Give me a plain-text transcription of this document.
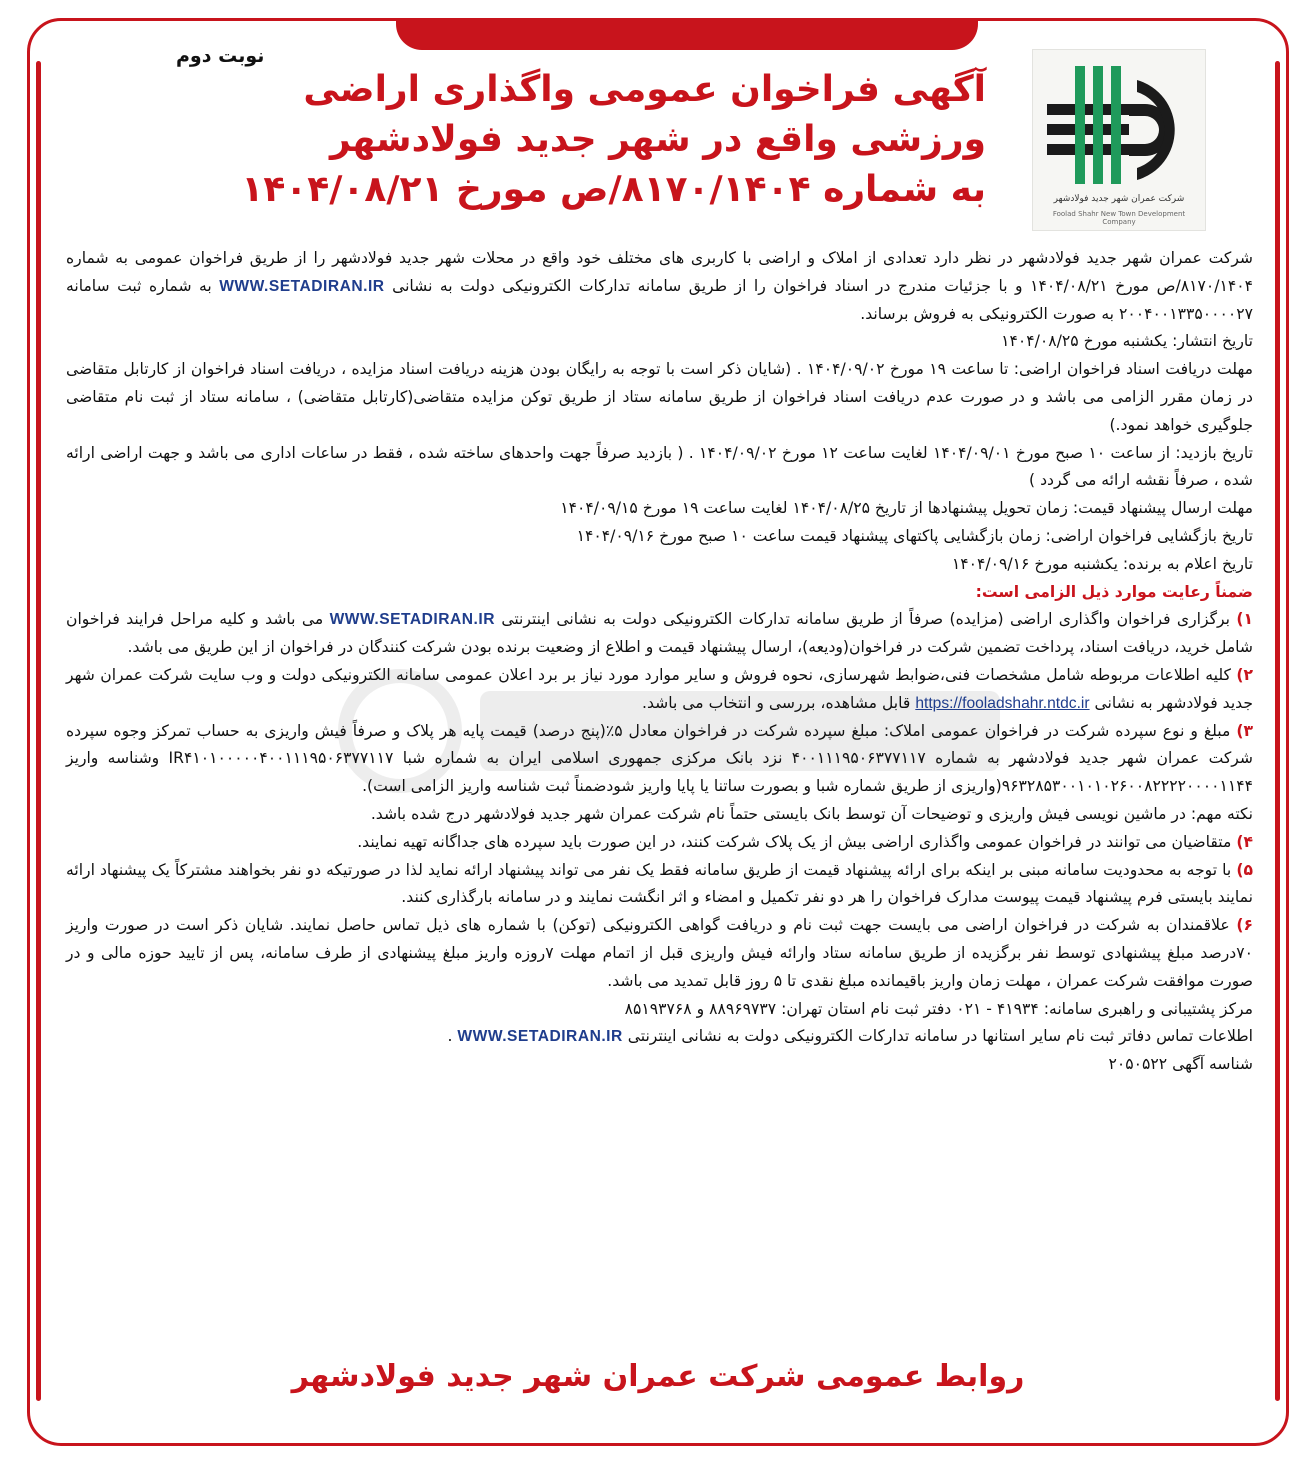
نوبت دوم

شرکت عمران شهر جدید فولادشهر

Foolad Shahr New Town Development Company

آگهی فراخوان عمومی واگذاری اراضی
ورزشی واقع در شهر جدید فولادشهر
به شماره ۸۱۷۰/۱۴۰۴/ص مورخ ۱۴۰۴/۰۸/۲۱

شرکت عمران شهر جدید فولادشهر در نظر دارد تعدادی از املاک و اراضی با کاربری های مختلف خود واقع در محلات شهر جدید فولادشهر را از طریق فراخوان عمومی به شماره ۸۱۷۰/۱۴۰۴/ص مورخ ۱۴۰۴/۰۸/۲۱ و با جزئیات مندرج در اسناد فراخوان را از طریق سامانه تدارکات الکترونیکی دولت به نشانی WWW.SETADIRAN.IR به شماره ثبت سامانه ۲۰۰۴۰۰۱۳۳۵۰۰۰۰۲۷ به صورت الکترونیکی به فروش برساند.

تاریخ انتشار: یکشنبه مورخ ۱۴۰۴/۰۸/۲۵

مهلت دریافت اسناد فراخوان اراضی: تا ساعت ۱۹ مورخ ۱۴۰۴/۰۹/۰۲ . (شایان ذکر است با توجه به رایگان بودن هزینه دریافت اسناد مزایده ، دریافت اسناد فراخوان از کارتابل متقاضی در زمان مقرر الزامی می باشد و در صورت عدم دریافت اسناد فراخوان از طریق سامانه ستاد از طریق توکن مزایده متقاضی(کارتابل متقاضی) ، سامانه ستاد از ثبت نام متقاضی جلوگیری خواهد نمود.)

تاریخ بازدید: از ساعت ۱۰ صبح مورخ ۱۴۰۴/۰۹/۰۱ لغایت ساعت ۱۲ مورخ ۱۴۰۴/۰۹/۰۲ . ( بازدید صرفاً جهت واحدهای ساخته شده ، فقط در ساعات اداری می باشد و جهت اراضی ارائه شده ، صرفاً نقشه ارائه می گردد )

مهلت ارسال پیشنهاد قیمت: زمان تحویل پیشنهادها از تاریخ ۱۴۰۴/۰۸/۲۵ لغایت ساعت ۱۹ مورخ ۱۴۰۴/۰۹/۱۵

تاریخ بازگشایی فراخوان اراضی: زمان بازگشایی پاکتهای پیشنهاد قیمت ساعت ۱۰ صبح مورخ ۱۴۰۴/۰۹/۱۶

تاریخ اعلام به برنده: یکشنبه مورخ ۱۴۰۴/۰۹/۱۶

ضمناً رعایت موارد ذیل الزامی است:

۱) برگزاری فراخوان واگذاری اراضی (مزایده) صرفاً از طریق سامانه تدارکات الکترونیکی دولت به نشانی اینترنتی WWW.SETADIRAN.IR می باشد و کلیه مراحل فرایند فراخوان شامل خرید، دریافت اسناد، پرداخت تضمین شرکت در فراخوان(ودیعه)، ارسال پیشنهاد قیمت و اطلاع از وضعیت برنده بودن شرکت کنندگان در فراخوان از این طریق می باشد.

۲) کلیه اطلاعات مربوطه شامل مشخصات فنی،ضوابط شهرسازی، نحوه فروش و سایر موارد مورد نیاز بر برد اعلان عمومی سامانه الکترونیکی دولت و وب سایت شرکت عمران شهر جدید فولادشهر به نشانی https://fooladshahr.ntdc.ir قابل مشاهده، بررسی و انتخاب می باشد.

۳) مبلغ و نوع سپرده شرکت در فراخوان عمومی املاک: مبلغ سپرده شرکت در فراخوان معادل ۵٪(پنج درصد) قیمت پایه هر پلاک و صرفاً فیش واریزی به حساب تمرکز وجوه سپرده شرکت عمران شهر جدید فولادشهر به شماره ۴۰۰۱۱۱۹۵۰۶۳۷۷۱۱۷ نزد بانک مرکزی جمهوری اسلامی ایران به شماره شبا IR۴۱۰۱۰۰۰۰۰۴۰۰۱۱۱۹۵۰۶۳۷۷۱۱۷ وشناسه واریز ۹۶۳۲۸۵۳۰۰۱۰۱۰۲۶۰۰۸۲۲۲۲۰۰۰۰۱۱۴۴(واریزی از طریق شماره شبا و بصورت ساتنا یا پایا واریز شودضمناً ثبت شناسه واریز الزامی است).

نکته مهم: در ماشین نویسی فیش واریزی و توضیحات آن توسط بانک بایستی حتماً نام شرکت عمران شهر جدید فولادشهر درج شده باشد.

۴) متقاضیان می توانند در فراخوان عمومی واگذاری اراضی بیش از یک پلاک شرکت کنند، در این صورت باید سپرده های جداگانه تهیه نمایند.

۵) با توجه به محدودیت سامانه مبنی بر اینکه برای ارائه پیشنهاد قیمت از طریق سامانه فقط یک نفر می تواند پیشنهاد ارائه نماید لذا در صورتیکه دو نفر بخواهند مشترکاً یک پیشنهاد ارائه نمایند بایستی فرم پیشنهاد قیمت پیوست مدارک فراخوان را هر دو نفر تکمیل و امضاء و اثر انگشت نمایند و در سامانه بارگذاری کنند.

۶) علاقمندان به شرکت در فراخوان اراضی می بایست جهت ثبت نام و دریافت گواهی الکترونیکی (توکن) با شماره های ذیل تماس حاصل نمایند. شایان ذکر است در صورت واریز ۷۰درصد مبلغ پیشنهادی توسط نفر برگزیده از طریق سامانه ستاد وارائه فیش واریزی قبل از اتمام مهلت ۷روزه واریز مبلغ پیشنهادی از طرف سامانه، پس از تایید حوزه مالی و در صورت موافقت شرکت عمران ، مهلت زمان واریز باقیمانده مبلغ نقدی تا ۵ روز قابل تمدید می باشد.

مرکز پشتیبانی و راهبری سامانه: ۴۱۹۳۴ - ۰۲۱ دفتر ثبت نام استان تهران: ۸۸۹۶۹۷۳۷ و ۸۵۱۹۳۷۶۸

اطلاعات تماس دفاتر ثبت نام سایر استانها در سامانه تدارکات الکترونیکی دولت به نشانی اینترنتی WWW.SETADIRAN.IR .

شناسه آگهی ۲۰۵۰۵۲۲

روابط عمومی شرکت عمران شهر جدید فولادشهر
